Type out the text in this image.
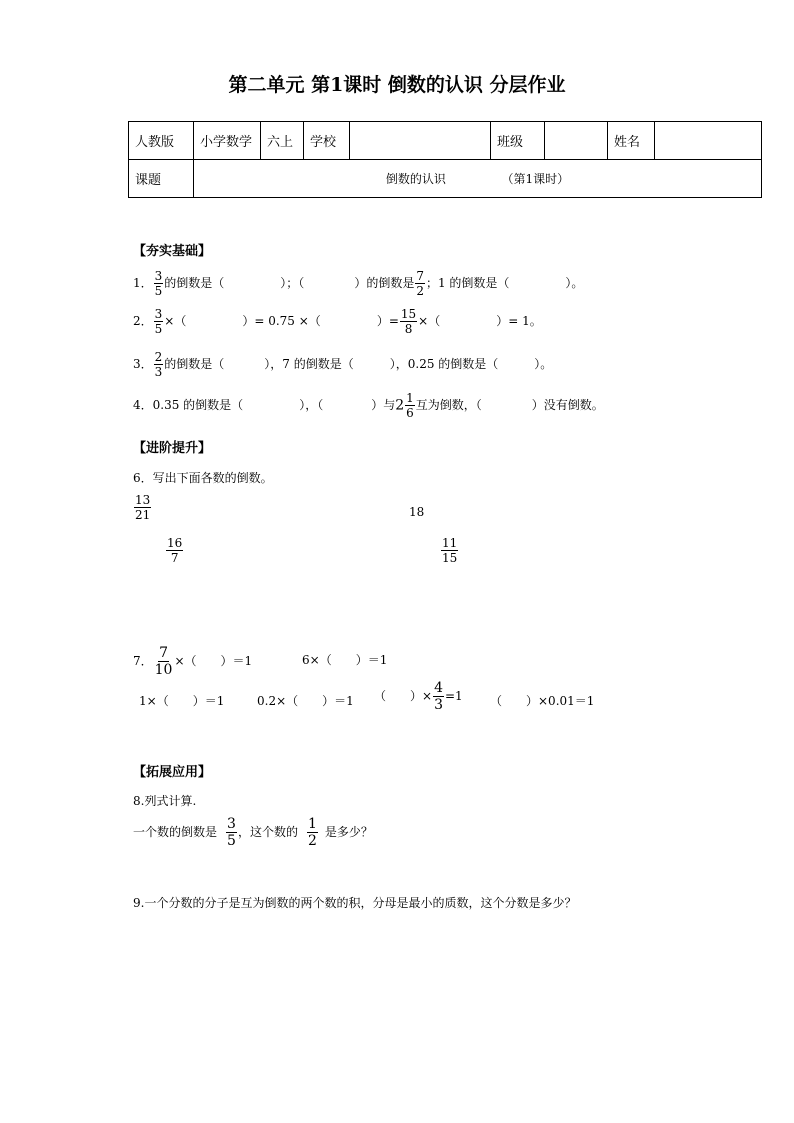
第二单元 第1课时 倒数的认识 分层作业
人教版	小学数学	六上	学校		班级		姓名	
课题	倒数的认识 （第1课时）							
【夯实基础】
1． $\frac{3}{5}$ 的倒数是（	）；（	）的倒数是 $\frac{7}{2}$ ；1 的倒数是（	）。
2． $\frac{3}{5}$ ×（	）= 0.75 ×（	）= $\frac{15}{8}$ ×（	）= 1。
3． $\frac{2}{3}$ 的倒数是（	），7 的倒数是（	），0.25 的倒数是（	）。
4．0.35 的倒数是（	），（	）与$2 \frac{1}{6}$ 互为倒数，（	）没有倒数。
【进阶提升】
6．写出下面各数的倒数。
$\frac{13}{21}$	18
$\frac{16}{7}$	$\frac{11}{15}$
7． $\frac{7}{10}$ ×（　　）＝1	6×（　　）＝1
1×（　　）＝1	0.2×（　　）＝1 （　　）× $\frac{4}{3} =1$ （　　）×0.01＝1
【拓展应用】
8.列式计算.
一个数的倒数是 $\frac{3}{5}$ ，这个数的 $\frac{1}{2}$ 是多少？
9.一个分数的分子是互为倒数的两个数的积，分母是最小的质数，这个分数是多少？
